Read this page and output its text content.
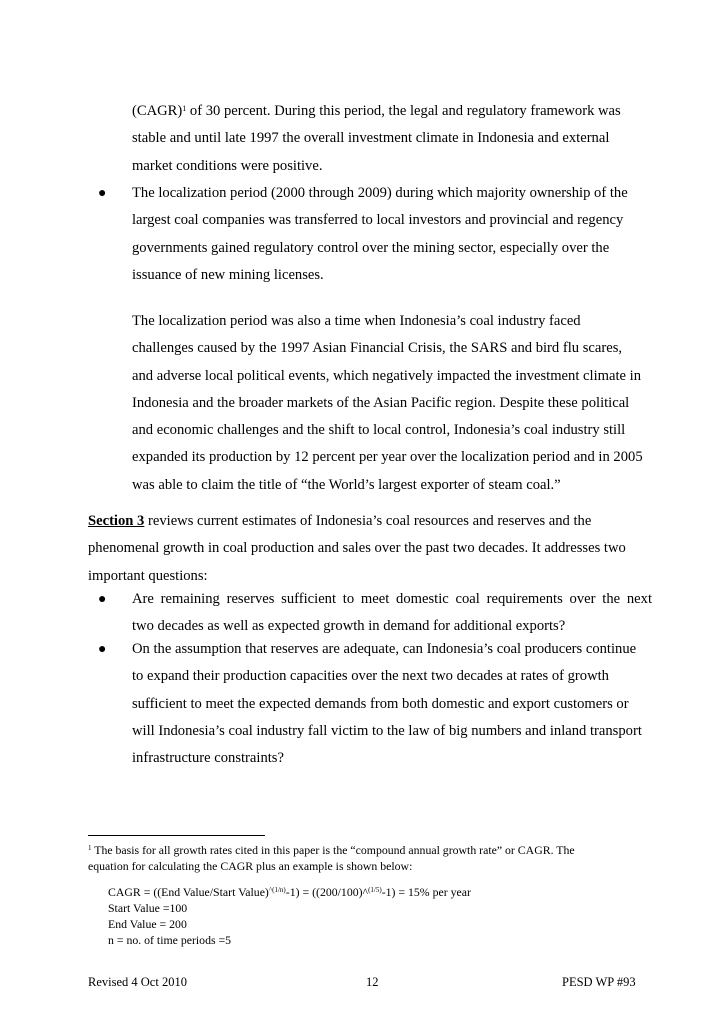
(CAGR)$^1$ of 30 percent. During this period, the legal and regulatory framework was
stable and until late 1997 the overall investment climate in Indonesia and external
market conditions were positive.
● The localization period (2000 through 2009) during which majority ownership of the
largest coal companies was transferred to local investors and provincial and regency
governments gained regulatory control over the mining sector, especially over the
issuance of new mining licenses.
The localization period was also a time when Indonesia’s coal industry faced
challenges caused by the 1997 Asian Financial Crisis, the SARS and bird flu scares,
and adverse local political events, which negatively impacted the investment climate in
Indonesia and the broader markets of the Asian Pacific region. Despite these political
and economic challenges and the shift to local control, Indonesia’s coal industry still
expanded its production by 12 percent per year over the localization period and in 2005
was able to claim the title of “the World’s largest exporter of steam coal.”
Section 3 reviews current estimates of Indonesia’s coal resources and reserves and the
phenomenal growth in coal production and sales over the past two decades. It addresses two
important questions:
● Are remaining reserves sufficient to meet domestic coal requirements over the next
two decades as well as expected growth in demand for additional exports?
● On the assumption that reserves are adequate, can Indonesia’s coal producers continue
to expand their production capacities over the next two decades at rates of growth
sufficient to meet the expected demands from both domestic and export customers or
will Indonesia’s coal industry fall victim to the law of big numbers and inland transport
infrastructure constraints?
$^1$ The basis for all growth rates cited in this paper is the “compound annual growth rate” or CAGR. The
equation for calculating the CAGR plus an example is shown below:
CAGR = ((End Value/Start Value)$^{\^{}(1/n)}$-1) = ((200/100)^$^{(1/5)}$-1) = 15% per year
Start Value =100
End Value = 200
n = no. of time periods =5
Revised 4 Oct 2010	12	PESD WP #93
